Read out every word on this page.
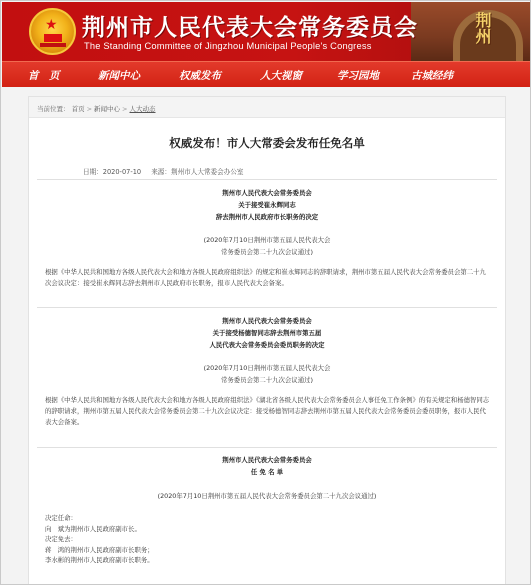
荆州
★ 荆州市人民代表大会常务委员会
The Standing Committee of Jingzhou Municipal People's Congress
首　页	新闻中心	权威发布	人大视窗	学习园地	古城经纬
当前位置： 首页 > 新闻中心 > 人大动态
权威发布！市人大常委会发布任免名单
日期：2020-07-10 来源：荆州市人大常委会办公室
荆州市人民代表大会常务委员会
关于接受崔永辉同志
辞去荆州市人民政府市长职务的决定
(2020年7月10日荆州市第五届人民代表大会
常务委员会第二十九次会议通过)
根据《中华人民共和国地方各级人民代表大会和地方各级人民政府组织法》的规定和崔永辉同志的辞职请求，荆州市第五届人民代表大会常务委员会第二十九次会议决定：接受崔永辉同志辞去荆州市人民政府市长职务，报市人民代表大会备案。
荆州市人民代表大会常务委员会
关于接受杨德智同志辞去荆州市第五届
人民代表大会常务委员会委员职务的决定
(2020年7月10日荆州市第五届人民代表大会
常务委员会第二十九次会议通过)
根据《中华人民共和国地方各级人民代表大会和地方各级人民政府组织法》《湖北省各级人民代表大会常务委员会人事任免工作条例》的有关规定和杨德智同志的辞职请求，荆州市第五届人民代表大会常务委员会第二十九次会议决定：接受杨德智同志辞去荆州市第五届人民代表大会常务委员会委员职务，报市人民代表大会备案。
荆州市人民代表大会常务委员会
任 免 名 单
(2020年7月10日荆州市第五届人民代表大会常务委员会第二十九次会议通过)
决定任命：
向　斌为荆州市人民政府副市长。
决定免去：
蒋　鸿的荆州市人民政府副市长职务；
李水彬的荆州市人民政府副市长职务。
